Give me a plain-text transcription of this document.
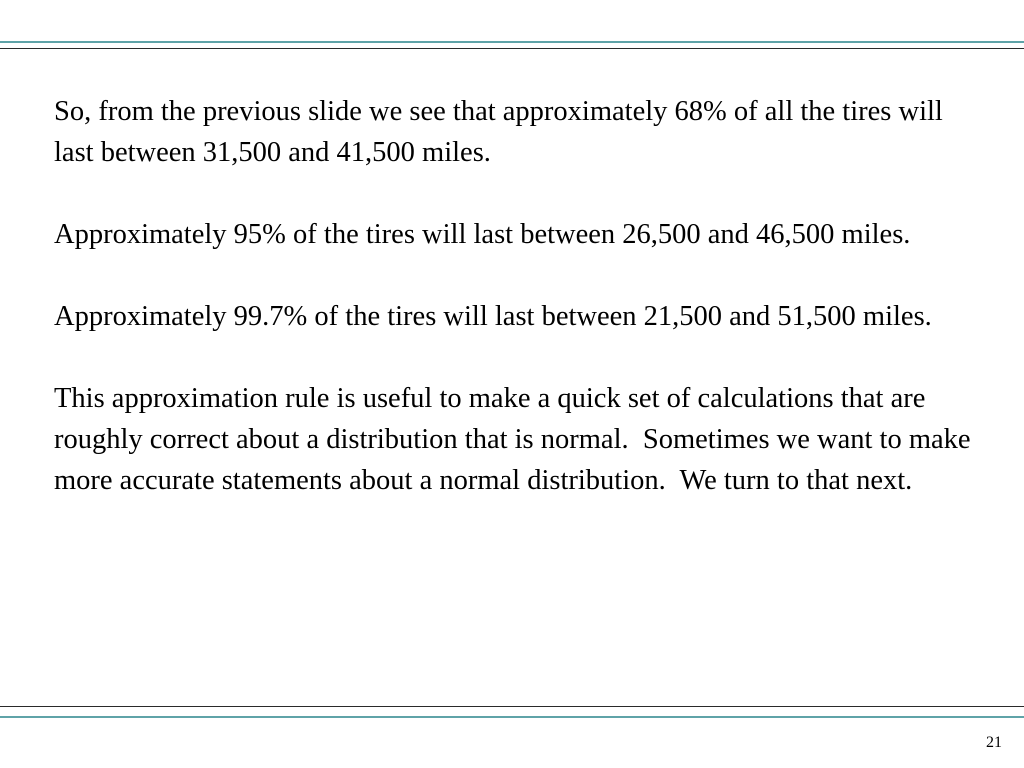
So, from the previous slide we see that approximately 68% of all the tires will last between 31,500 and 41,500 miles.

Approximately 95% of the tires will last between 26,500 and 46,500 miles.

Approximately 99.7% of the tires will last between 21,500 and 51,500 miles.

This approximation rule is useful to make a quick set of calculations that are roughly correct about a distribution that is normal.  Sometimes we want to make more accurate statements about a normal distribution.  We turn to that next.

21
